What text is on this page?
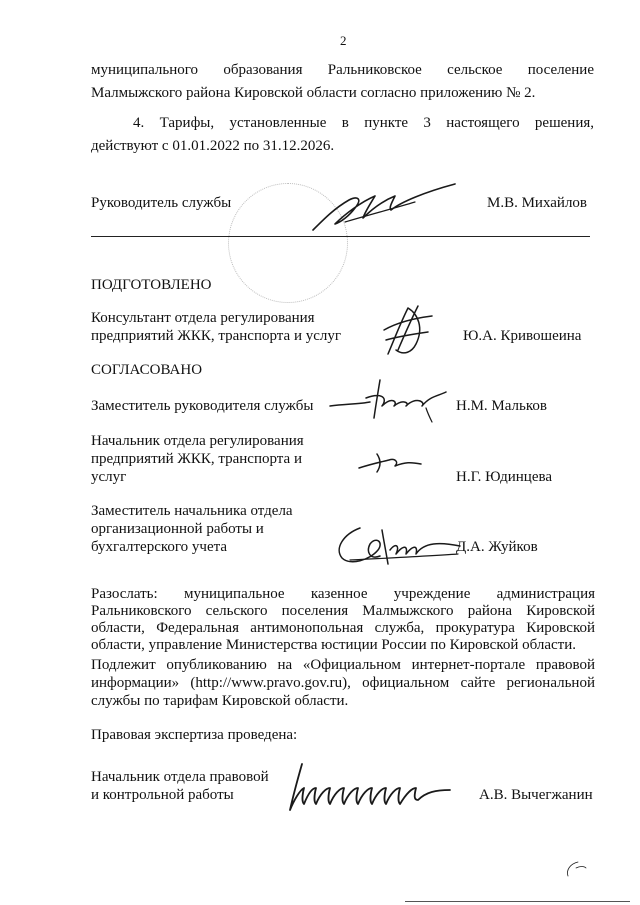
2
муниципального образования Ральниковское сельское поселение
Малмыжского района Кировской области согласно приложению № 2.
4. Тарифы, установленные в пункте 3 настоящего решения,
действуют с 01.01.2022 по 31.12.2026.
Руководитель службы	М.В. Михайлов
ПОДГОТОВЛЕНО
Консультант отдела регулирования
предприятий ЖКК, транспорта и услуг	Ю.А. Кривошеина
СОГЛАСОВАНО
Заместитель руководителя службы	Н.М. Мальков
Начальник отдела регулирования
предприятий ЖКК, транспорта и
услуг	Н.Г. Юдинцева
Заместитель начальника отдела
организационной работы и
бухгалтерского учета	Д.А. Жуйков
Разослать: муниципальное казенное учреждение администрация
Ральниковского сельского поселения Малмыжского района Кировской
области, Федеральная антимонопольная служба, прокуратура Кировской
области, управление Министерства юстиции России по Кировской области.
Подлежит опубликованию на «Официальном интернет-портале правовой
информации» (http://www.pravo.gov.ru), официальном сайте региональной
службы по тарифам Кировской области.
Правовая экспертиза проведена:
Начальник отдела правовой
и контрольной работы	А.В. Вычегжанин
